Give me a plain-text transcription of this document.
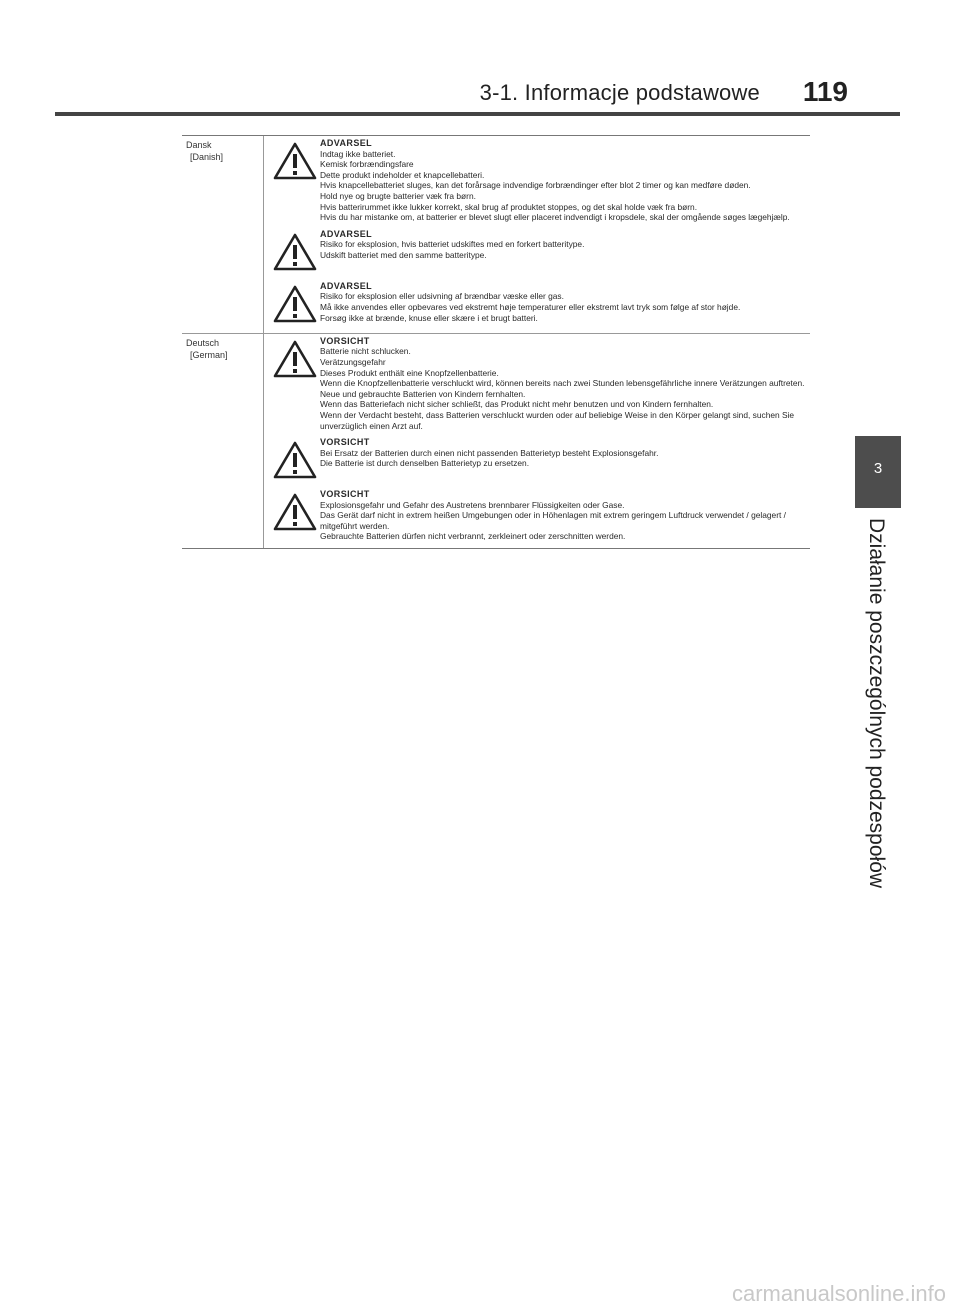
3-1. Informacje podstawowe 119
3
Działanie poszczególnych podzespołów
Dansk
[Danish]
ADVARSEL
Indtag ikke batteriet.
Kemisk forbrændingsfare
Dette produkt indeholder et knapcellebatteri.
Hvis knapcellebatteriet sluges, kan det forårsage indvendige forbrændinger efter blot 2 timer og kan medføre døden.
Hold nye og brugte batterier væk fra børn.
Hvis batterirummet ikke lukker korrekt, skal brug af produktet stoppes, og det skal holde væk fra børn.
Hvis du har mistanke om, at batterier er blevet slugt eller placeret indvendigt i kropsdele, skal der omgående søges lægehjælp.
ADVARSEL
Risiko for eksplosion, hvis batteriet udskiftes med en forkert batteritype.
Udskift batteriet med den samme batteritype.
ADVARSEL
Risiko for eksplosion eller udsivning af brændbar væske eller gas.
Må ikke anvendes eller opbevares ved ekstremt høje temperaturer eller ekstremt lavt tryk som følge af stor højde.
Forsøg ikke at brænde, knuse eller skære i et brugt batteri.
Deutsch
[German]
VORSICHT
Batterie nicht schlucken.
Verätzungsgefahr
Dieses Produkt enthält eine Knopfzellenbatterie.
Wenn die Knopfzellenbatterie verschluckt wird, können bereits nach zwei Stunden lebensgefährliche innere Verätzungen auftreten.
Neue und gebrauchte Batterien von Kindern fernhalten.
Wenn das Batteriefach nicht sicher schließt, das Produkt nicht mehr benutzen und von Kindern fernhalten.
Wenn der Verdacht besteht, dass Batterien verschluckt wurden oder auf beliebige Weise in den Körper gelangt sind, suchen Sie unverzüglich einen Arzt auf.
VORSICHT
Bei Ersatz der Batterien durch einen nicht passenden Batterietyp besteht Explosionsgefahr.
Die Batterie ist durch denselben Batterietyp zu ersetzen.
VORSICHT
Explosionsgefahr und Gefahr des Austretens brennbarer Flüssigkeiten oder Gase.
Das Gerät darf nicht in extrem heißen Umgebungen oder in Höhenlagen mit extrem geringem Luftdruck verwendet / gelagert / mitgeführt werden.
Gebrauchte Batterien dürfen nicht verbrannt, zerkleinert oder zerschnitten werden.
carmanualsonline.info
